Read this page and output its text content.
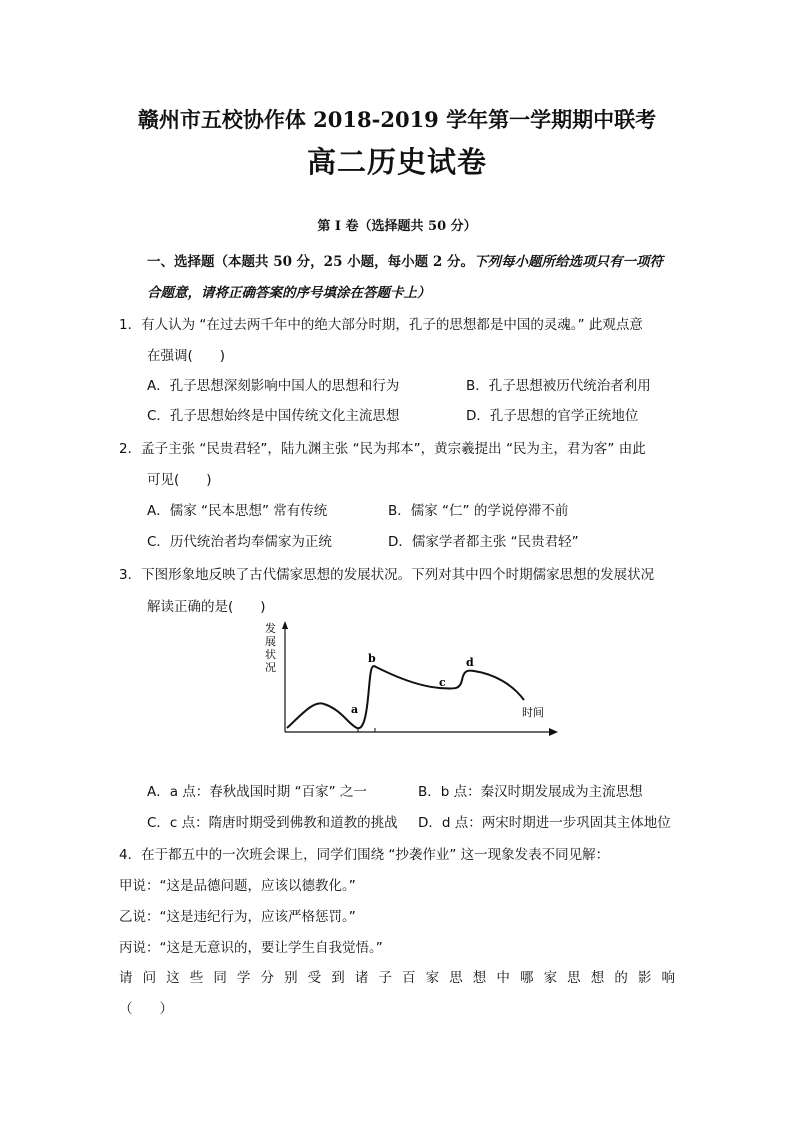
赣州市五校协作体 2018-2019 学年第一学期期中联考
高二历史试卷
第 I 卷（选择题共 50 分）
一、选择题（本题共 50 分，25 小题，每小题 2 分。下列每小题所给选项只有一项符
合题意，请将正确答案的序号填涂在答题卡上）
1．有人认为 “在过去两千年中的绝大部分时期，孔子的思想都是中国的灵魂。” 此观点意
在强调(　　)
A．孔子思想深刻影响中国人的思想和行为	B．孔子思想被历代统治者利用
C．孔子思想始终是中国传统文化主流思想	D．孔子思想的官学正统地位
2．孟子主张 “民贵君轻”，陆九渊主张 “民为邦本”，黄宗羲提出 “民为主，君为客” 由此
可见(　　)
A．儒家 “民本思想” 常有传统	B．儒家 “仁” 的学说停滞不前
C．历代统治者均奉儒家为正统	D．儒家学者都主张 “民贵君轻”
3．下图形象地反映了古代儒家思想的发展状况。下列对其中四个时期儒家思想的发展状况
解读正确的是(　　)
发
展
状
况
a
b
c
d
时间
A．a 点：春秋战国时期 “百家” 之一	B．b 点：秦汉时期发展成为主流思想
C．c 点：隋唐时期受到佛教和道教的挑战 D．d 点：两宋时期进一步巩固其主体地位
4．在于都五中的一次班会课上，同学们围绕 “抄袭作业” 这一现象发表不同见解：
甲说：“这是品德问题，应该以德教化。”
乙说：“这是违纪行为，应该严格惩罚。”
丙说：“这是无意识的，要让学生自我觉悟。”
请问这些同学分别受到诸子百家思想中哪家思想的影响
（　　）
